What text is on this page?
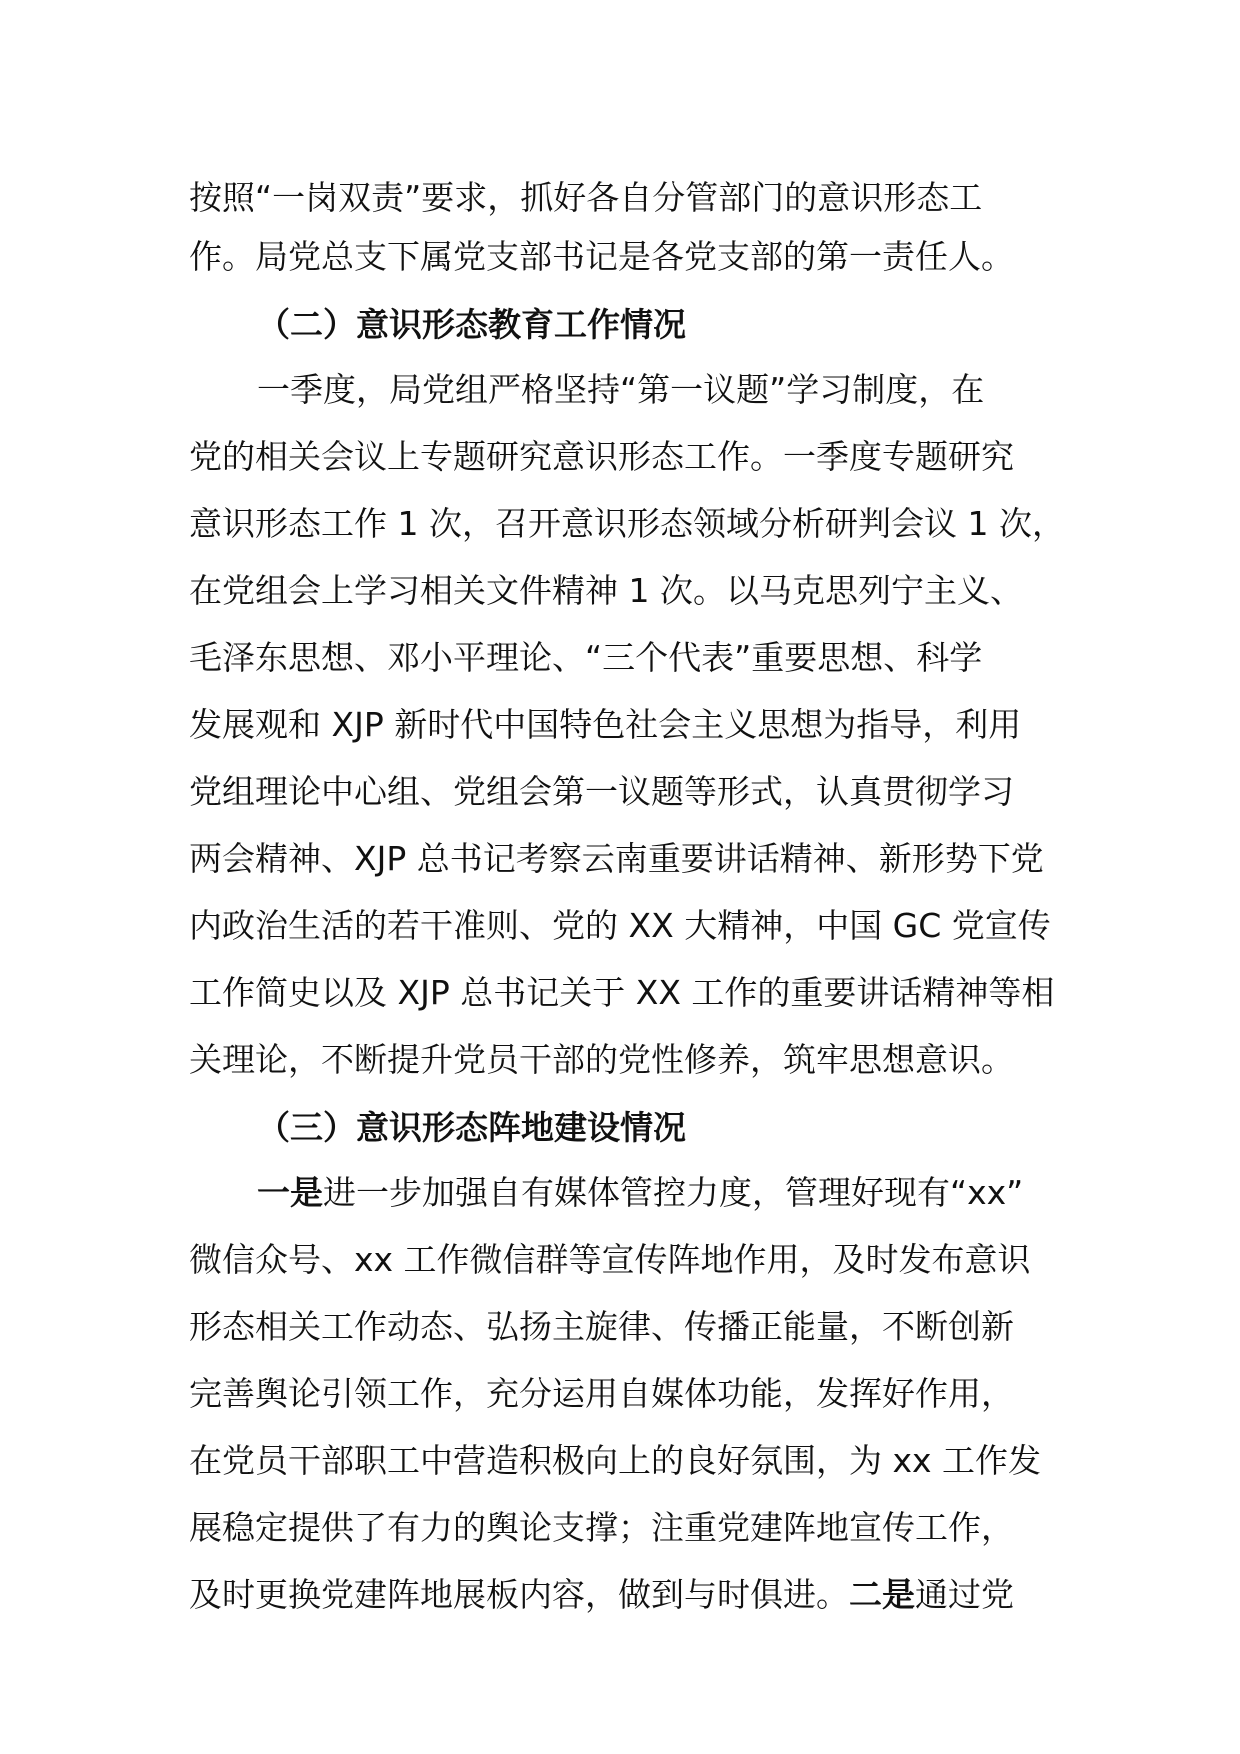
按照“一岗双责”要求，抓好各自分管部门的意识形态工
作。局党总支下属党支部书记是各党支部的第一责任人。
（二）意识形态教育工作情况
一季度，局党组严格坚持“第一议题”学习制度，在
党的相关会议上专题研究意识形态工作。一季度专题研究
意识形态工作 1 次，召开意识形态领域分析研判会议 1 次，
在党组会上学习相关文件精神 1 次。以马克思列宁主义、
毛泽东思想、邓小平理论、“三个代表”重要思想、科学
发展观和 XJP 新时代中国特色社会主义思想为指导，利用
党组理论中心组、党组会第一议题等形式，认真贯彻学习
两会精神、XJP 总书记考察云南重要讲话精神、新形势下党
内政治生活的若干准则、党的 XX 大精神，中国 GC 党宣传
工作简史以及 XJP 总书记关于 XX 工作的重要讲话精神等相
关理论，不断提升党员干部的党性修养，筑牢思想意识。
（三）意识形态阵地建设情况
一是进一步加强自有媒体管控力度，管理好现有“xx”
微信众号、xx 工作微信群等宣传阵地作用，及时发布意识
形态相关工作动态、弘扬主旋律、传播正能量，不断创新
完善舆论引领工作，充分运用自媒体功能，发挥好作用，
在党员干部职工中营造积极向上的良好氛围，为 xx 工作发
展稳定提供了有力的舆论支撑；注重党建阵地宣传工作，
及时更换党建阵地展板内容，做到与时俱进。二是通过党
